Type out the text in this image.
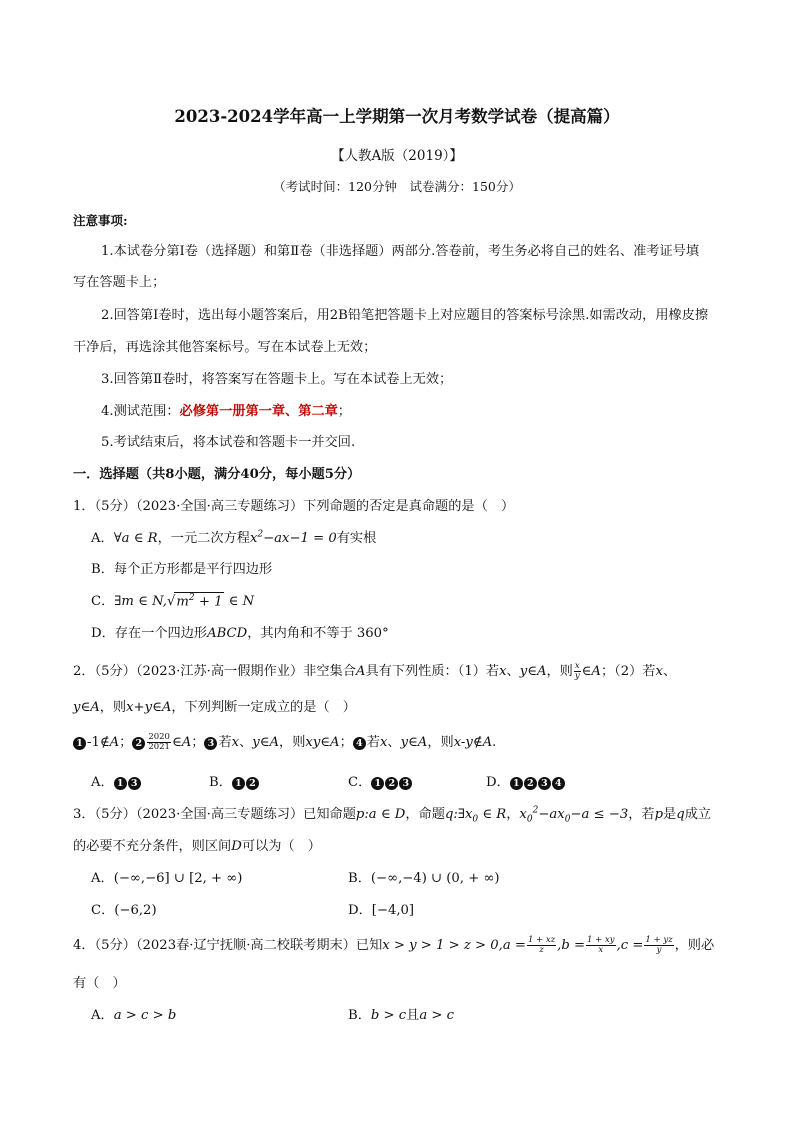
2023-2024学年高一上学期第一次月考数学试卷（提高篇）
【人教A版（2019）】
（考试时间：120分钟　试卷满分：150分）
注意事项:
1.本试卷分第Ⅰ卷（选择题）和第Ⅱ卷（非选择题）两部分.答卷前，考生务必将自己的姓名、准考证号填
写在答题卡上；
2.回答第Ⅰ卷时，选出每小题答案后，用2B铅笔把答题卡上对应题目的答案标号涂黑.如需改动，用橡皮擦
干净后，再选涂其他答案标号。写在本试卷上无效；
3.回答第Ⅱ卷时，将答案写在答题卡上。写在本试卷上无效；
4.测试范围：必修第一册第一章、第二章；
5.考试结束后，将本试卷和答题卡一并交回.
一．选择题（共8小题，满分40分，每小题5分）
1．（5分）（2023·全国·高三专题练习）下列命题的否定是真命题的是（　）
A．∀a ∈ R，一元二次方程$x^2-ax-1 = 0$有实根
B．每个正方形都是平行四边形
C．∃m ∈ $N,√m^2 + 1$ ∈ N
D．存在一个四边形ABCD，其内角和不等于 360°
2．（5分）（2023·江苏·高一假期作业）非空集合A具有下列性质：（1）若x、y∈A，则 $\frac{x}{y}$ ∈A；（2）若x、
y∈A，则x+y∈A，下列判断一定成立的是（　）
1 -1∉A； $2 \frac{2020}{2021}$ ∈A； 3 若x、y∈A，则xy∈A； 4 若x、y∈A，则x-y∉A.
A． 1 3	B． 1 2	C． 1 2 3	D． 1 2 3 4
3．（5分）（2023·全国·高三专题练习）已知命题p:a ∈ D，命题$q:\exists x_0$ ∈ R，$x_0^2-ax_0-a \le -3$，若p是q成立
的必要不充分条件，则区间D可以为（　）
A．(−∞,−6] ∪ [2, + ∞)	B．(−∞,−4) ∪ (0, + ∞)
C．(−6,2)	D．[−4,0]
4．（5分）（2023春·辽宁抚顺·高二校联考期末）已知$x > y > 1 > z > 0,a = \frac{1 + xz}{z} ,b = \frac{1 + xy}{x} ,c = \frac{1 + yz}{y}$ ，则必
有（　）
A．a > c > b	B．b > c且a > c
